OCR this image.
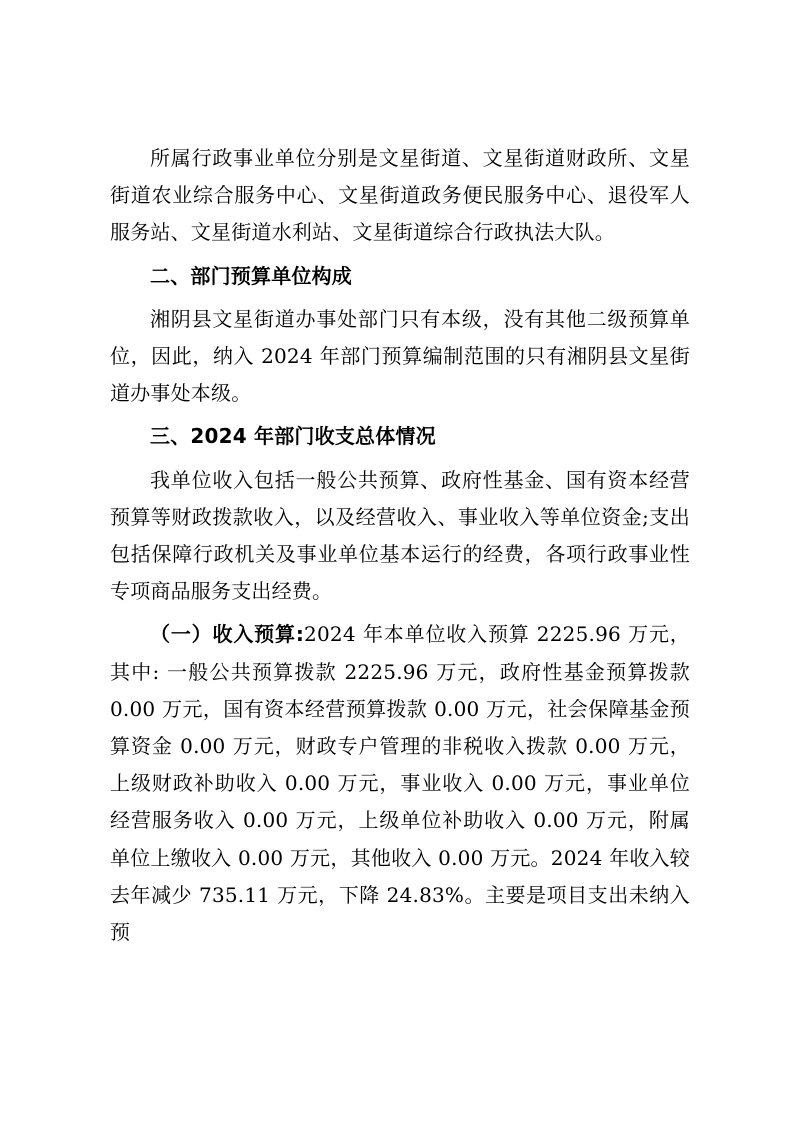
所属行政事业单位分别是文星街道、文星街道财政所、文星街道农业综合服务中心、文星街道政务便民服务中心、退役军人服务站、文星街道水利站、文星街道综合行政执法大队。

二、部门预算单位构成

湘阴县文星街道办事处部门只有本级，没有其他二级预算单位，因此，纳入 2024 年部门预算编制范围的只有湘阴县文星街道办事处本级。

三、2024 年部门收支总体情况

我单位收入包括一般公共预算、政府性基金、国有资本经营预算等财政拨款收入，以及经营收入、事业收入等单位资金;支出包括保障行政机关及事业单位基本运行的经费，各项行政事业性专项商品服务支出经费。

（一）收入预算:2024 年本单位收入预算 2225.96 万元，其中: 一般公共预算拨款 2225.96 万元，政府性基金预算拨款 0.00 万元，国有资本经营预算拨款 0.00 万元，社会保障基金预算资金 0.00 万元，财政专户管理的非税收入拨款 0.00 万元，上级财政补助收入 0.00 万元，事业收入 0.00 万元，事业单位经营服务收入 0.00 万元，上级单位补助收入 0.00 万元，附属单位上缴收入 0.00 万元，其他收入 0.00 万元。2024 年收入较去年减少 735.11 万元，下降 24.83%。主要是项目支出未纳入预
